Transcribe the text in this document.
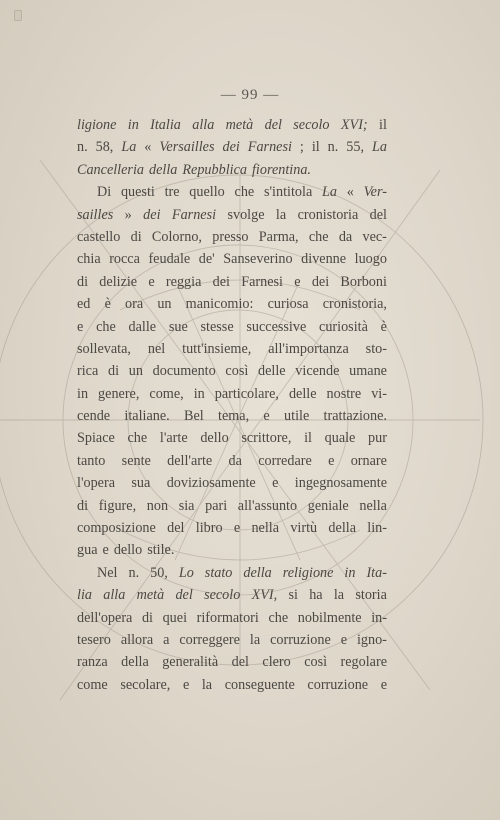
— 99 —
ligione in Italia alla metà del secolo XVI; il
n. 58, La « Versailles dei Farnesi ; il n. 55, La
Cancelleria della Repubblica fiorentina.
Di questi tre quello che s'intitola La « Ver-
sailles » dei Farnesi svolge la cronistoria del
castello di Colorno, presso Parma, che da vec-
chia rocca feudale de' Sanseverino divenne luogo
di delizie e reggia dei Farnesi e dei Borboni
ed è ora un manicomio: curiosa cronistoria,
e che dalle sue stesse successive curiosità è
sollevata, nel tutt'insieme, all'importanza sto-
rica di un documento così delle vicende umane
in genere, come, in particolare, delle nostre vi-
cende italiane. Bel tema, e utile trattazione.
Spiace che l'arte dello scrittore, il quale pur
tanto sente dell'arte da corredare e ornare
l'opera sua doviziosamente e ingegnosamente
di figure, non sia pari all'assunto geniale nella
composizione del libro e nella virtù della lin-
gua e dello stile.
Nel n. 50, Lo stato della religione in Ita-
lia alla metà del secolo XVI, si ha la storia
dell'opera di quei riformatori che nobilmente in-
tesero allora a correggere la corruzione e igno-
ranza della generalità del clero così regolare
come secolare, e la conseguente corruzione e
